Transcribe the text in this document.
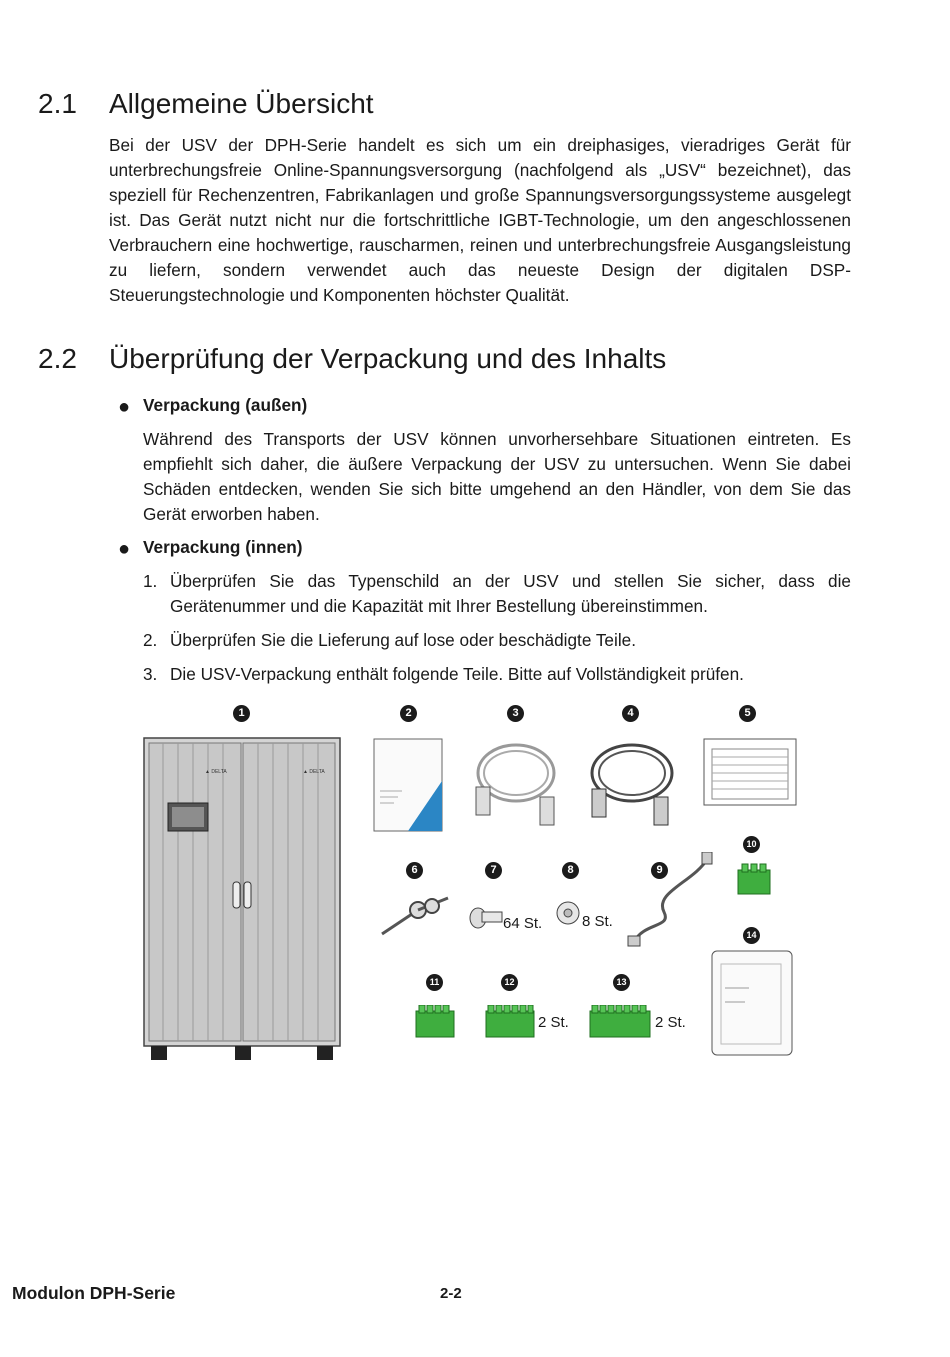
2.1 Allgemeine Übersicht

Bei der USV der DPH-Serie handelt es sich um ein dreiphasiges, vieradriges Gerät für unterbrechungsfreie Online-Spannungsversorgung (nachfolgend als „USV“ bezeichnet), das speziell für Rechenzentren, Fabrikanlagen und große Spannungsversorgungssysteme ausgelegt ist. Das Gerät nutzt nicht nur die fortschrittliche IGBT-Technologie, um den angeschlossenen Verbrauchern eine hochwertige, rauscharmen, reinen und unterbrechungsfreie Ausgangsleistung zu liefern, sondern verwendet auch das neueste Design der digitalen DSP-Steuerungstechnologie und Komponenten höchster Qualität.

2.2 Überprüfung der Verpackung und des Inhalts
● Verpackung (außen)

Während des Transports der USV können unvorhersehbare Situationen eintreten. Es empfiehlt sich daher, die äußere Verpackung der USV zu untersuchen. Wenn Sie dabei Schäden entdecken, wenden Sie sich bitte umgehend an den Händler, von dem Sie das Gerät erworben haben.

● Verpackung (innen)
1. Überprüfen Sie das Typenschild an der USV und stellen Sie sicher, dass die Gerätenummer und die Kapazität mit Ihrer Bestellung übereinstimmen.
2. Überprüfen Sie die Lieferung auf lose oder beschädigte Teile.
3. Die USV-Verpackung enthält folgende Teile. Bitte auf Vollständigkeit prüfen.
1	2	3	4	5
6	7	8	9
10
11	12	13
14
▲ DELTA	▲ DELTA
64 St.	8 St.
2 St.	2 St.
Modulon DPH-Serie	2-2
